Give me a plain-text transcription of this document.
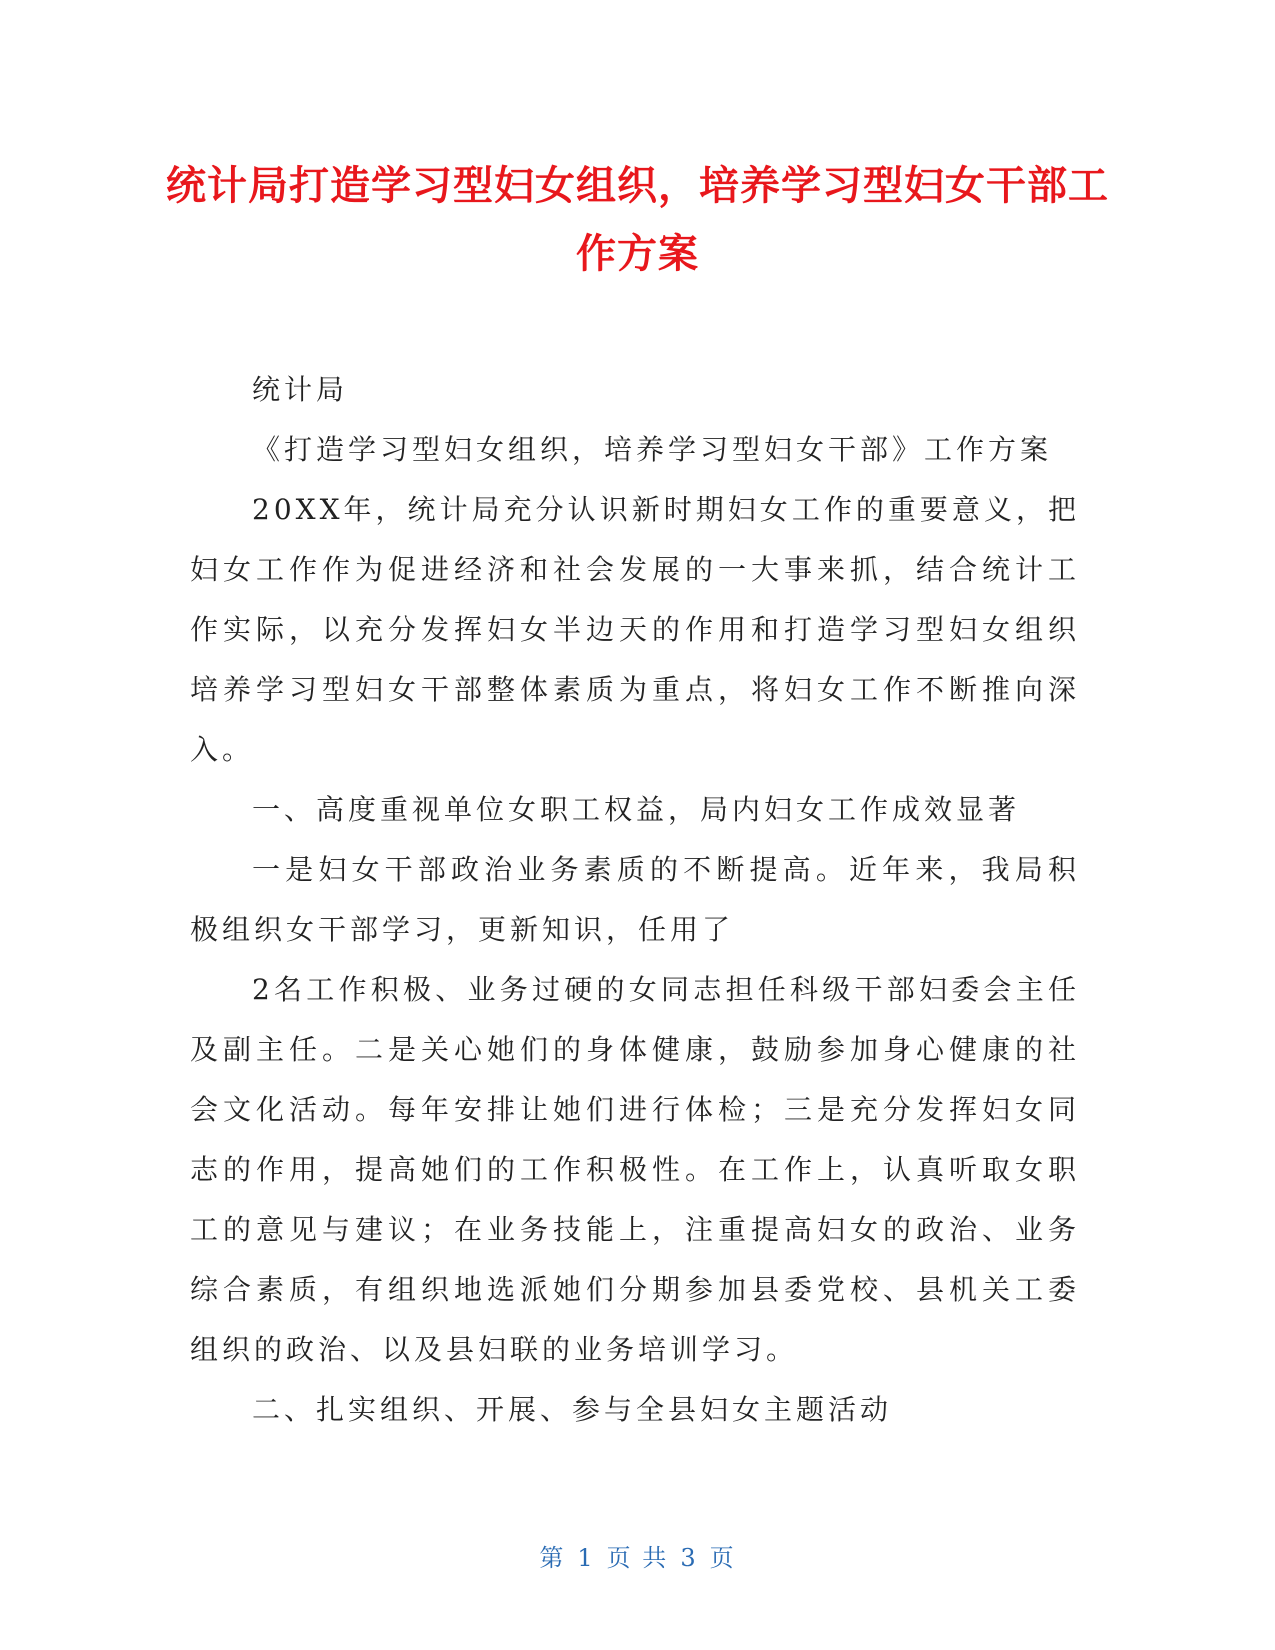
统计局打造学习型妇女组织，培养学习型妇女干部工作方案

统计局

《打造学习型妇女组织，培养学习型妇女干部》工作方案

20XX年，统计局充分认识新时期妇女工作的重要意义，把妇女工作作为促进经济和社会发展的一大事来抓，结合统计工作实际，以充分发挥妇女半边天的作用和打造学习型妇女组织培养学习型妇女干部整体素质为重点，将妇女工作不断推向深入。

一、高度重视单位女职工权益，局内妇女工作成效显著

一是妇女干部政治业务素质的不断提高。近年来，我局积极组织女干部学习，更新知识，任用了

2名工作积极、业务过硬的女同志担任科级干部妇委会主任及副主任。二是关心她们的身体健康，鼓励参加身心健康的社会文化活动。每年安排让她们进行体检；三是充分发挥妇女同志的作用，提高她们的工作积极性。在工作上，认真听取女职工的意见与建议；在业务技能上，注重提高妇女的政治、业务综合素质，有组织地选派她们分期参加县委党校、县机关工委组织的政治、以及县妇联的业务培训学习。

二、扎实组织、开展、参与全县妇女主题活动

第 1 页 共 3 页
